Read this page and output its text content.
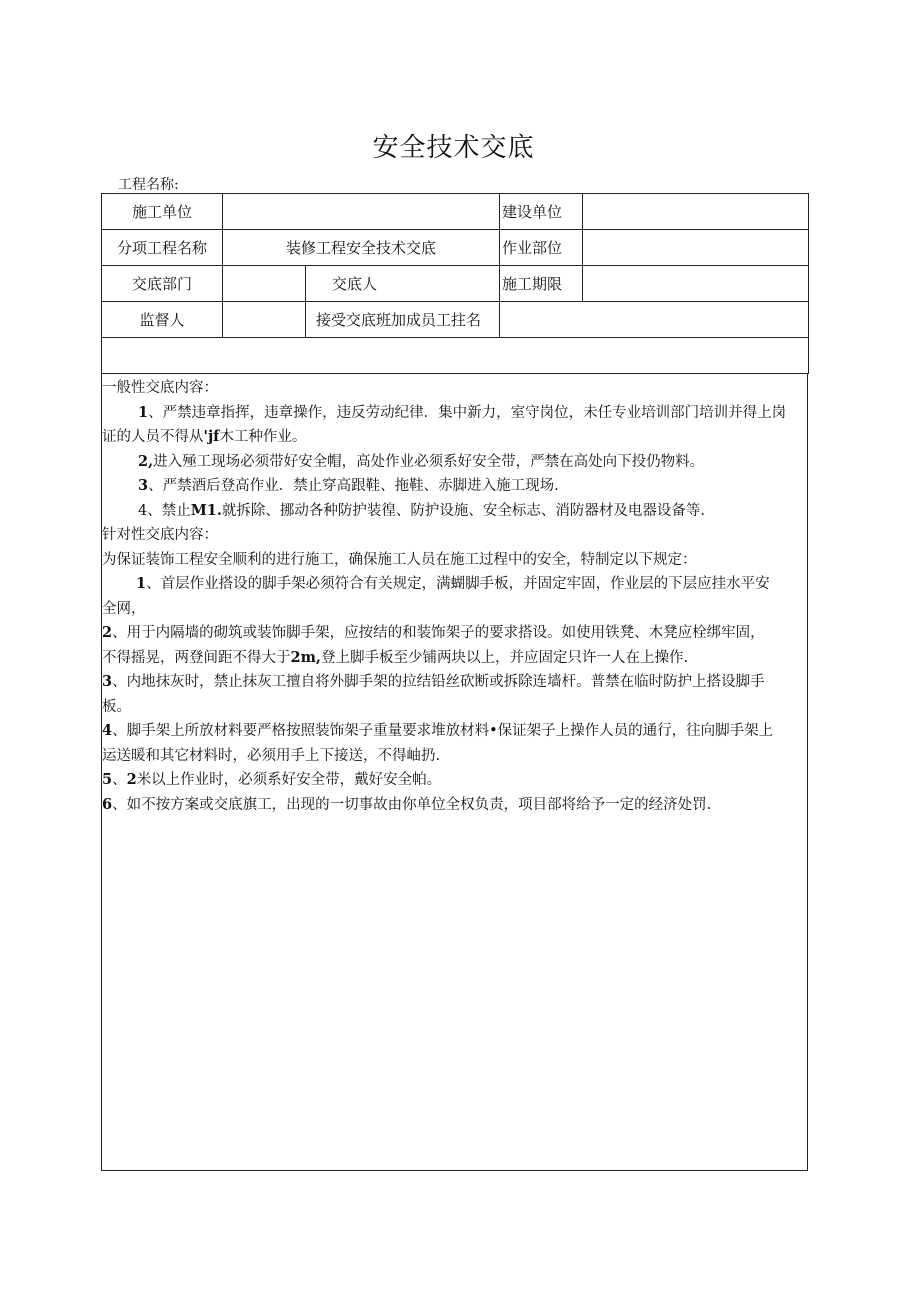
安全技术交底
工程名称:
施工单位			建设单位	
分项工程名称	装修工程安全技术交底		作业部位	
交底部门		交底人	施工期限	
监督人		接受交底班加成员工拄名		

一般性交底内容：
1、严禁违章指挥，违章操作，违反劳动纪律．集中新力，室守岗位，未任专业培训部门培训并得上岗
证的人员不得从'jf木工种作业。
2,进入殛工现场必须带好安全帽，高处作业必须系好安全带，严禁在高处向下投仍物料。
3、严禁酒后登高作业．禁止穿高跟鞋、拖鞋、赤脚进入施工现场.
4、禁止M1.就拆除、挪动各种防护装徨、防护设施、安全标志、消防器材及电器设备等.
针对性交底内容：
为保证装饰工程安全顺利的进行施工，确保施工人员在施工过程中的安全，特制定以下规定：
1、首层作业搭设的脚手架必须符合有关规定，满蝴脚手板，并固定牢固，作业层的下层应挂水平安
全网，
2、用于内隔墙的砌筑或装饰脚手架，应按结的和装饰架子的要求搭设。如使用铁凳、木凳应栓绑牢固，
不得摇晃，两登间距不得大于2m,登上脚手板至少铺两块以上，并应固定只许一人在上操作.
3、内地抹灰时，禁止抹灰工擅自将外脚手架的拉结铅丝砍断或拆除连墙杆。普禁在临时防护上搭设脚手
板。
4、脚手架上所放材料要严格按照装饰架子重量要求堆放材料•保证架子上操作人员的通行，往向脚手架上
运送暖和其它材料时，必须用手上下接送，不得岫扔.
5、2米以上作业时，必须系好安全带，戴好安全帕。
6、如不按方案或交底旗工，出现的一切事故由你单位全权负责，项目部将给予一定的经济处罚.
